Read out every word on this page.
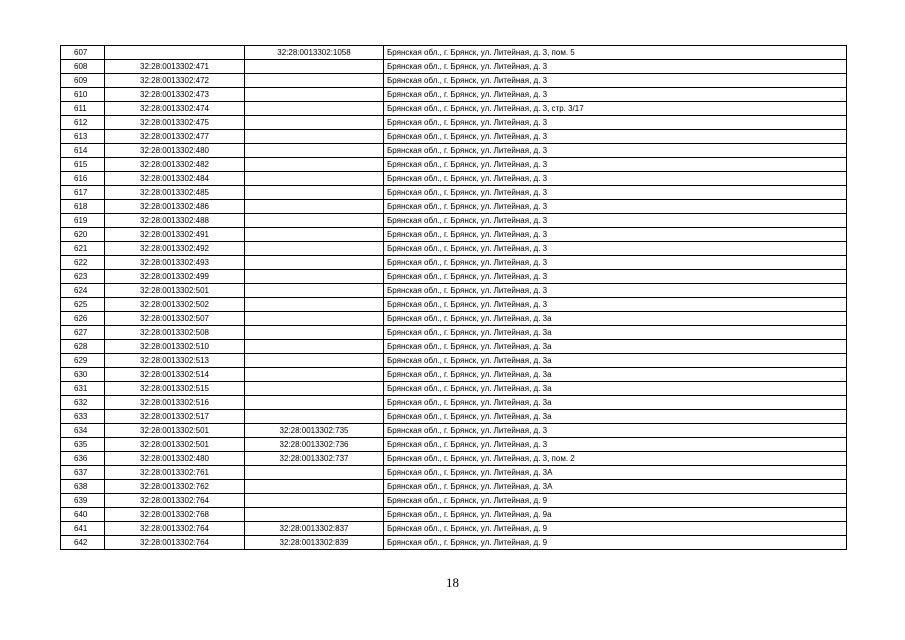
607		32:28:0013302:1058	Брянская обл., г. Брянск, ул. Литейная, д. 3, пом. 5
608	32:28:0013302:471		Брянская обл., г. Брянск, ул. Литейная, д. 3
609	32:28:0013302:472		Брянская обл., г. Брянск, ул. Литейная, д. 3
610	32:28:0013302:473		Брянская обл., г. Брянск, ул. Литейная, д. 3
611	32:28:0013302:474		Брянская обл., г. Брянск, ул. Литейная, д. 3, стр. 3/17
612	32:28:0013302:475		Брянская обл., г. Брянск, ул. Литейная, д. 3
613	32:28:0013302:477		Брянская обл., г. Брянск, ул. Литейная, д. 3
614	32:28:0013302:480		Брянская обл., г. Брянск, ул. Литейная, д. 3
615	32:28:0013302:482		Брянская обл., г. Брянск, ул. Литейная, д. 3
616	32:28:0013302:484		Брянская обл., г. Брянск, ул. Литейная, д. 3
617	32:28:0013302:485		Брянская обл., г. Брянск, ул. Литейная, д. 3
618	32:28:0013302:486		Брянская обл., г. Брянск, ул. Литейная, д. 3
619	32:28:0013302:488		Брянская обл., г. Брянск, ул. Литейная, д. 3
620	32:28:0013302:491		Брянская обл., г. Брянск, ул. Литейная, д. 3
621	32:28:0013302:492		Брянская обл., г. Брянск, ул. Литейная, д. 3
622	32:28:0013302:493		Брянская обл., г. Брянск, ул. Литейная, д. 3
623	32:28:0013302:499		Брянская обл., г. Брянск, ул. Литейная, д. 3
624	32:28:0013302:501		Брянская обл., г. Брянск, ул. Литейная, д. 3
625	32:28:0013302:502		Брянская обл., г. Брянск, ул. Литейная, д. 3
626	32:28:0013302:507		Брянская обл., г. Брянск, ул. Литейная, д. 3а
627	32:28:0013302:508		Брянская обл., г. Брянск, ул. Литейная, д. 3а
628	32:28:0013302:510		Брянская обл., г. Брянск, ул. Литейная, д. 3а
629	32:28:0013302:513		Брянская обл., г. Брянск, ул. Литейная, д. 3а
630	32:28:0013302:514		Брянская обл., г. Брянск, ул. Литейная, д. 3а
631	32:28:0013302:515		Брянская обл., г. Брянск, ул. Литейная, д. 3а
632	32:28:0013302:516		Брянская обл., г. Брянск, ул. Литейная, д. 3а
633	32:28:0013302:517		Брянская обл., г. Брянск, ул. Литейная, д. 3а
634	32:28:0013302:501	32:28:0013302:735	Брянская обл., г. Брянск, ул. Литейная, д. 3
635	32:28:0013302:501	32:28:0013302:736	Брянская обл., г. Брянск, ул. Литейная, д. 3
636	32:28:0013302:480	32:28:0013302:737	Брянская обл., г. Брянск, ул. Литейная, д. 3, пом. 2
637	32:28:0013302:761		Брянская обл., г. Брянск, ул. Литейная, д. 3А
638	32:28:0013302:762		Брянская обл., г. Брянск, ул. Литейная, д. 3А
639	32:28:0013302:764		Брянская обл., г. Брянск, ул. Литейная, д. 9
640	32:28:0013302:768		Брянская обл., г. Брянск, ул. Литейная, д. 9а
641	32:28:0013302:764	32:28:0013302:837	Брянская обл., г. Брянск, ул. Литейная, д. 9
642	32:28:0013302:764	32:28:0013302:839	Брянская обл., г. Брянск, ул. Литейная, д. 9
18
